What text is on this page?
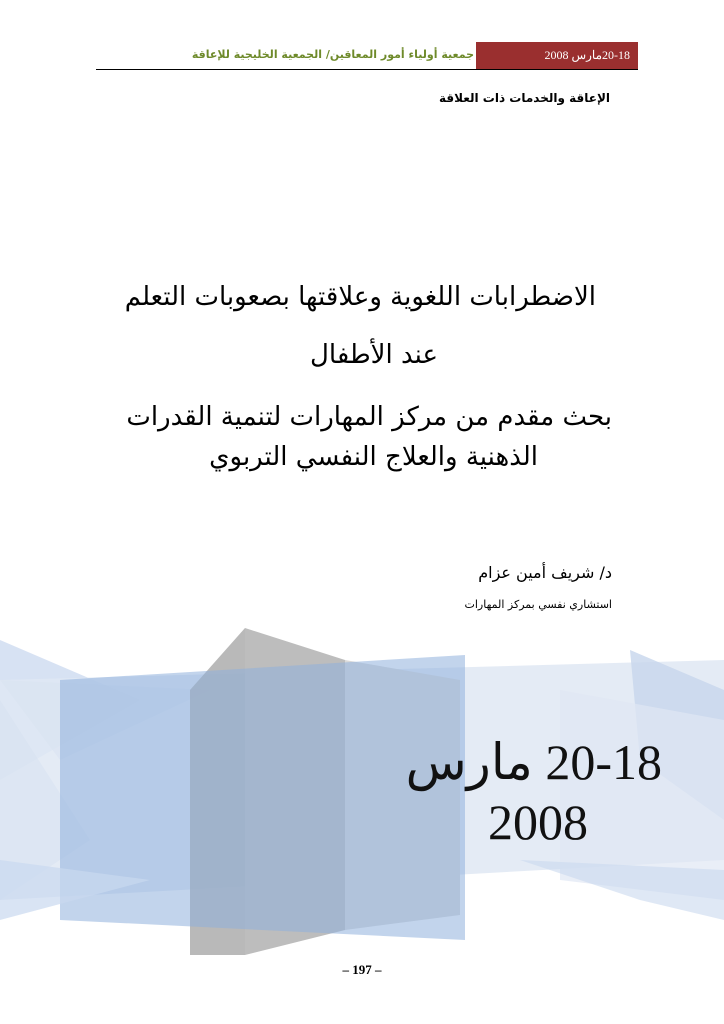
جمعية أولياء أمور المعاقين/ الجمعية الخليجية للإعاقة	20-18مارس 2008
الإعاقة والخدمات ذات العلاقة
الاضطرابات اللغوية وعلاقتها بصعوبات التعلم
عند الأطفال
بحث مقدم من مركز المهارات لتنمية القدرات
الذهنية والعلاج النفسي التربوي
د/ شريف أمين عزام
استشاري نفسي بمركز المهارات
20-18 مارس
2008
– 197 –
